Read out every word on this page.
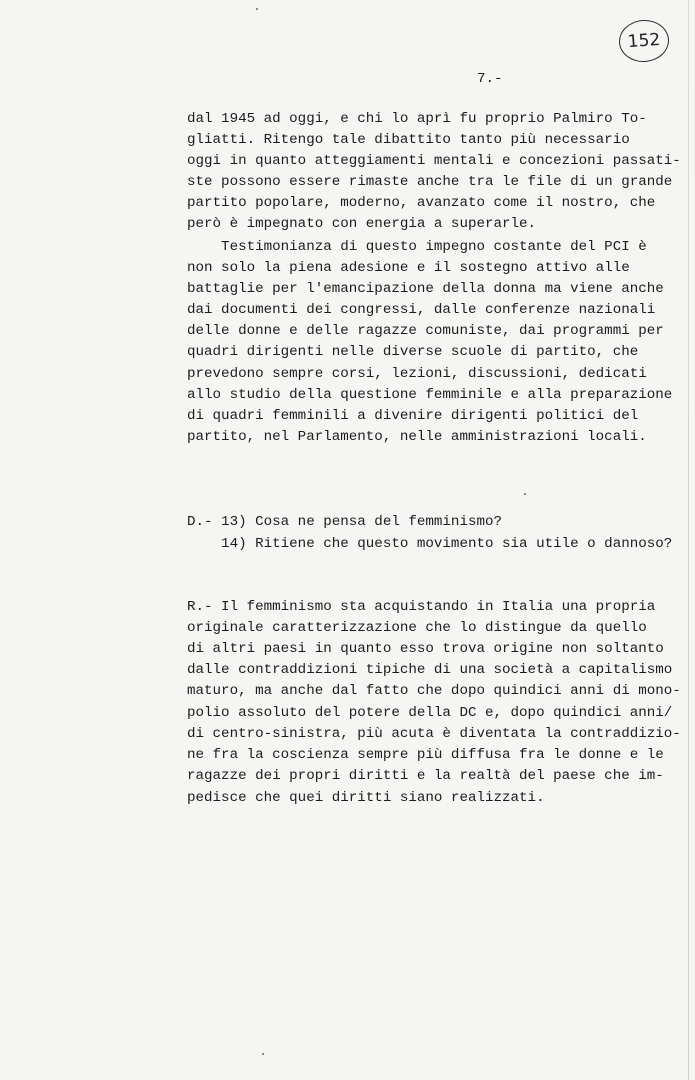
152
7.-
dal 1945 ad oggi, e chi lo aprì fu proprio Palmiro To-
gliatti. Ritengo tale dibattito tanto più necessario
oggi in quanto atteggiamenti mentali e concezioni passati-
ste possono essere rimaste anche tra le file di un grande
partito popolare, moderno, avanzato come il nostro, che
però è impegnato con energia a superarle.
Testimonianza di questo impegno costante del PCI è
non solo la piena adesione e il sostegno attivo alle
battaglie per l'emancipazione della donna ma viene anche
dai documenti dei congressi, dalle conferenze nazionali
delle donne e delle ragazze comuniste, dai programmi per
quadri dirigenti nelle diverse scuole di partito, che
prevedono sempre corsi, lezioni, discussioni, dedicati
allo studio della questione femminile e alla preparazione
di quadri femminili a divenire dirigenti politici del
partito, nel Parlamento, nelle amministrazioni locali.
D.- 13) Cosa ne pensa del femminismo?
14) Ritiene che questo movimento sia utile o dannoso?
R.- Il femminismo sta acquistando in Italia una propria
originale caratterizzazione che lo distingue da quello
di altri paesi in quanto esso trova origine non soltanto
dalle contraddizioni tipiche di una società a capitalismo
maturo, ma anche dal fatto che dopo quindici anni di mono-
polio assoluto del potere della DC e, dopo quindici anni/
di centro-sinistra, più acuta è diventata la contraddizio-
ne fra la coscienza sempre più diffusa fra le donne e le
ragazze dei propri diritti e la realtà del paese che im-
pedisce che quei diritti siano realizzati.
